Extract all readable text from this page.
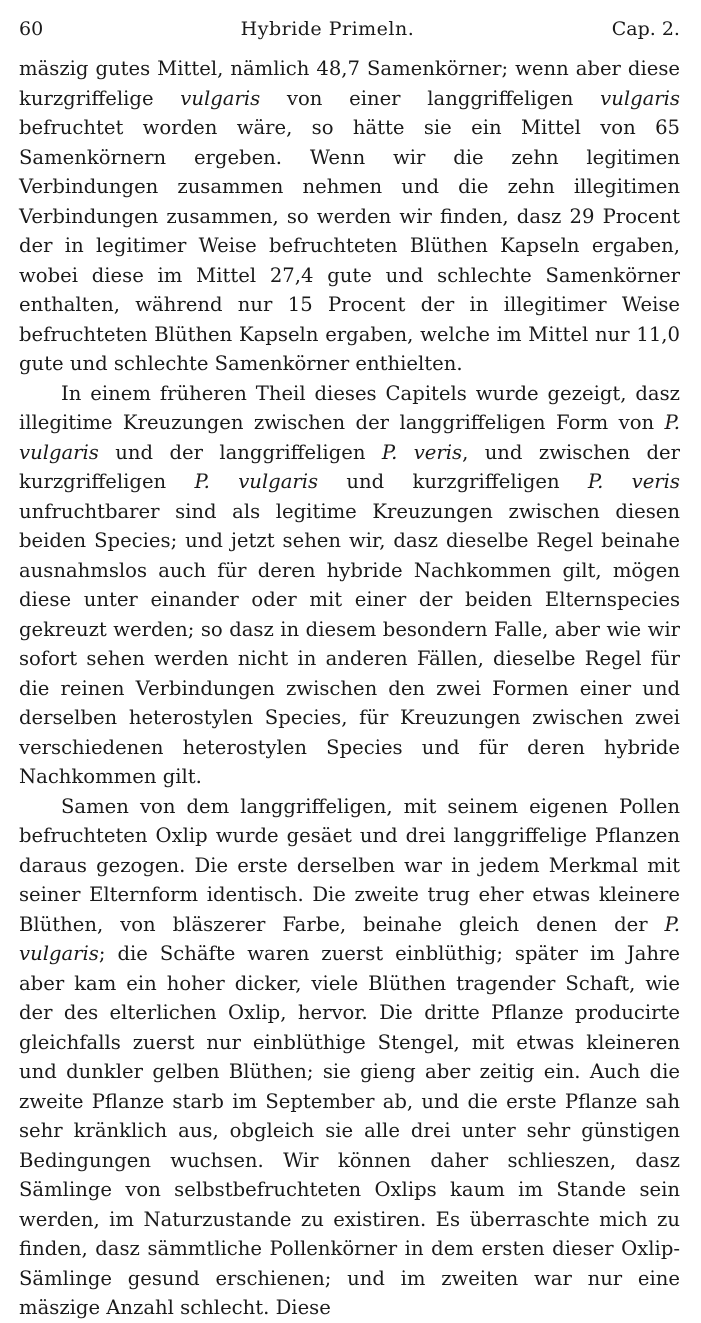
60	Hybride Primeln.	Cap. 2.

mäszig gutes Mittel, nämlich 48,7 Samenkörner; wenn aber diese kurzgriffelige vulgaris von einer langgriffeligen vulgaris befruchtet worden wäre, so hätte sie ein Mittel von 65 Samenkörnern ergeben. Wenn wir die zehn legitimen Verbindungen zusammen nehmen und die zehn illegitimen Verbindungen zusammen, so werden wir finden, dasz 29 Procent der in legitimer Weise befruchteten Blüthen Kapseln ergaben, wobei diese im Mittel 27,4 gute und schlechte Samenkörner enthalten, während nur 15 Procent der in illegitimer Weise befruchteten Blüthen Kapseln ergaben, welche im Mittel nur 11,0 gute und schlechte Samenkörner enthielten.

In einem früheren Theil dieses Capitels wurde gezeigt, dasz illegitime Kreuzungen zwischen der langgriffeligen Form von P. vulgaris und der langgriffeligen P. veris, und zwischen der kurzgriffeligen P. vulgaris und kurzgriffeligen P. veris unfruchtbarer sind als legitime Kreuzungen zwischen diesen beiden Species; und jetzt sehen wir, dasz dieselbe Regel beinahe ausnahmslos auch für deren hybride Nachkommen gilt, mögen diese unter einander oder mit einer der beiden Elternspecies gekreuzt werden; so dasz in diesem besondern Falle, aber wie wir sofort sehen werden nicht in anderen Fällen, dieselbe Regel für die reinen Verbindungen zwischen den zwei Formen einer und derselben heterostylen Species, für Kreuzungen zwischen zwei verschiedenen heterostylen Species und für deren hybride Nachkommen gilt.

Samen von dem langgriffeligen, mit seinem eigenen Pollen befruchteten Oxlip wurde gesäet und drei langgriffelige Pflanzen daraus gezogen. Die erste derselben war in jedem Merkmal mit seiner Elternform identisch. Die zweite trug eher etwas kleinere Blüthen, von bläszerer Farbe, beinahe gleich denen der P. vulgaris; die Schäfte waren zuerst einblüthig; später im Jahre aber kam ein hoher dicker, viele Blüthen tragender Schaft, wie der des elterlichen Oxlip, hervor. Die dritte Pflanze producirte gleichfalls zuerst nur einblüthige Stengel, mit etwas kleineren und dunkler gelben Blüthen; sie gieng aber zeitig ein. Auch die zweite Pflanze starb im September ab, und die erste Pflanze sah sehr kränklich aus, obgleich sie alle drei unter sehr günstigen Bedingungen wuchsen. Wir können daher schlieszen, dasz Sämlinge von selbstbefruchteten Oxlips kaum im Stande sein werden, im Naturzustande zu existiren. Es überraschte mich zu finden, dasz sämmtliche Pollenkörner in dem ersten dieser Oxlip-Sämlinge gesund erschienen; und im zweiten war nur eine mäszige Anzahl schlecht. Diese
